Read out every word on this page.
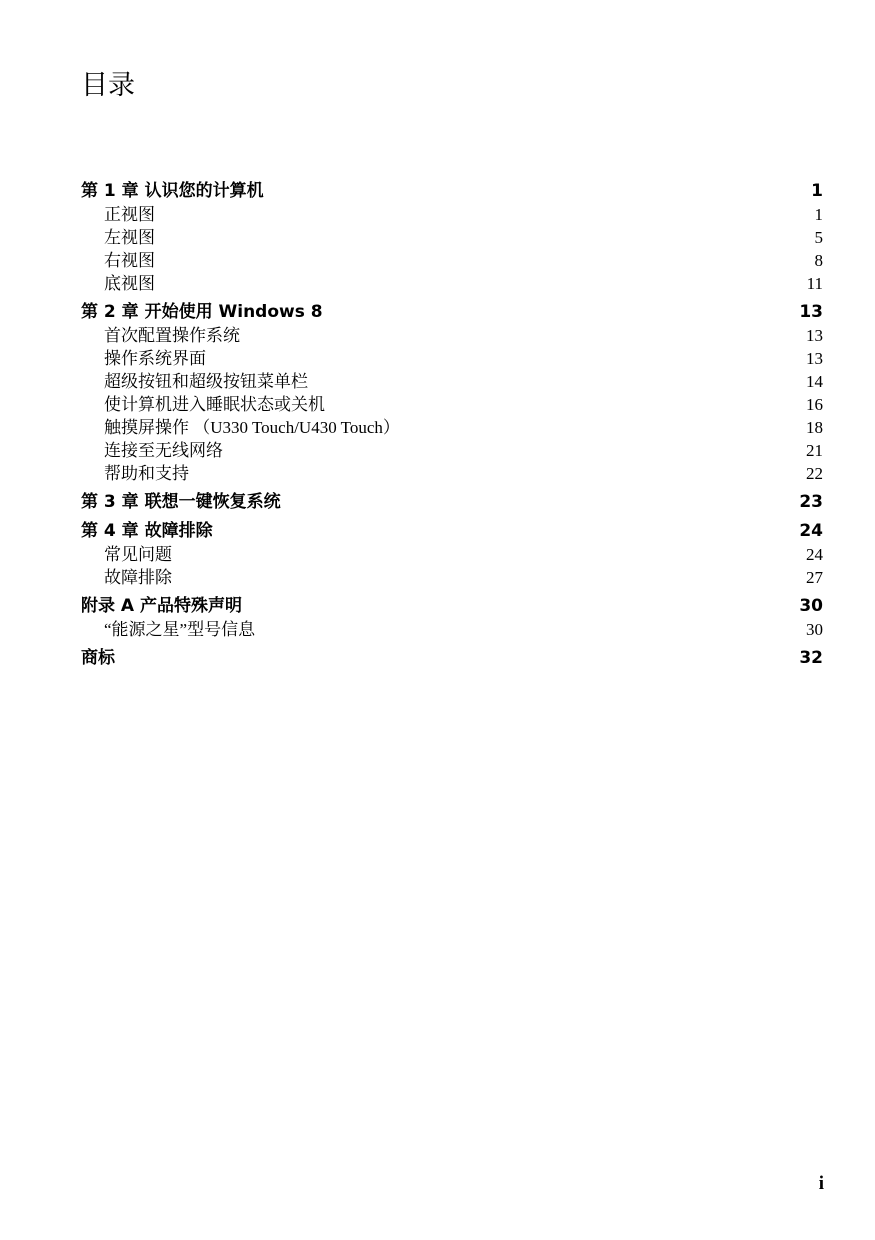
目录
第 1 章 认识您的计算机	1
正视图	1
左视图	5
右视图	8
底视图	11
第 2 章 开始使用 Windows 8	13
首次配置操作系统	13
操作系统界面	13
超级按钮和超级按钮菜单栏	14
使计算机进入睡眠状态或关机	16
触摸屏操作 （U330 Touch/U430 Touch）	18
连接至无线网络	21
帮助和支持	22
第 3 章 联想一键恢复系统	23
第 4 章 故障排除	24
常见问题	24
故障排除	27
附录 A 产品特殊声明	30
“能源之星”型号信息	30
商标	32
i
